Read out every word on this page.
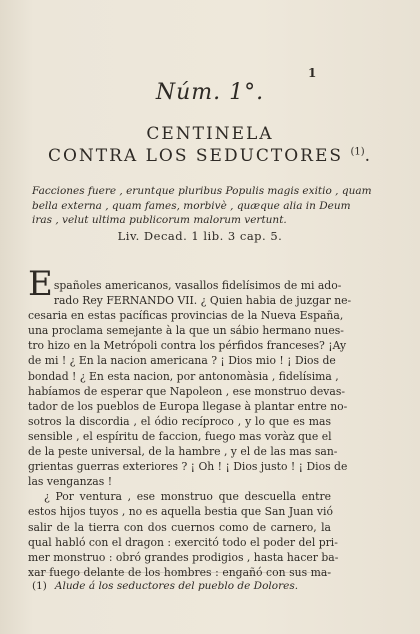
1
Núm. 1°.
CENTINELA
CONTRA LOS SEDUCTORES $^{(1)}$.
Facciones fuere , eruntque pluribus Populis magis exitio , quam
bella externa , quam fames, morbivè , quæque alia in Deum
iras , velut ultima publicorum malorum vertunt.
Liv. Decad. 1 lib. 3 cap. 5.
E spañoles americanos, vasallos fidelísimos de mi ado-
rado Rey FERNANDO VII. ¿ Quien habia de juzgar ne-
cesaria en estas pacíficas provincias de la Nueva España,
una proclama semejante à la que un sábio hermano nues-
tro hizo en la Metrópoli contra los pérfidos franceses? ¡Ay
de mi ! ¿ En la nacion americana ? ¡ Dios mio ! ¡ Dios de
bondad ! ¿ En esta nacion, por antonomàsia , fidelísima ,
habíamos de esperar que Napoleon , ese monstruo devas-
tador de los pueblos de Europa llegase à plantar entre no-
sotros la discordia , el ódio recíproco , y lo que es mas
sensible , el espíritu de faccion, fuego mas voràz que el
de la peste universal, de la hambre , y el de las mas san-
grientas guerras exteriores ? ¡ Oh ! ¡ Dios justo ! ¡ Dios de
las venganzas !
¿ Por ventura , ese monstruo que descuella entre
estos hijos tuyos , no es aquella bestia que San Juan vió
salir de la tierra con dos cuernos como de carnero, la
qual habló con el dragon : exercitó todo el poder del pri-
mer monstruo : obró grandes prodigios , hasta hacer ba-
xar fuego delante de los hombres : engañó con sus ma-
(1) Alude á los seductores del pueblo de Dolores.
